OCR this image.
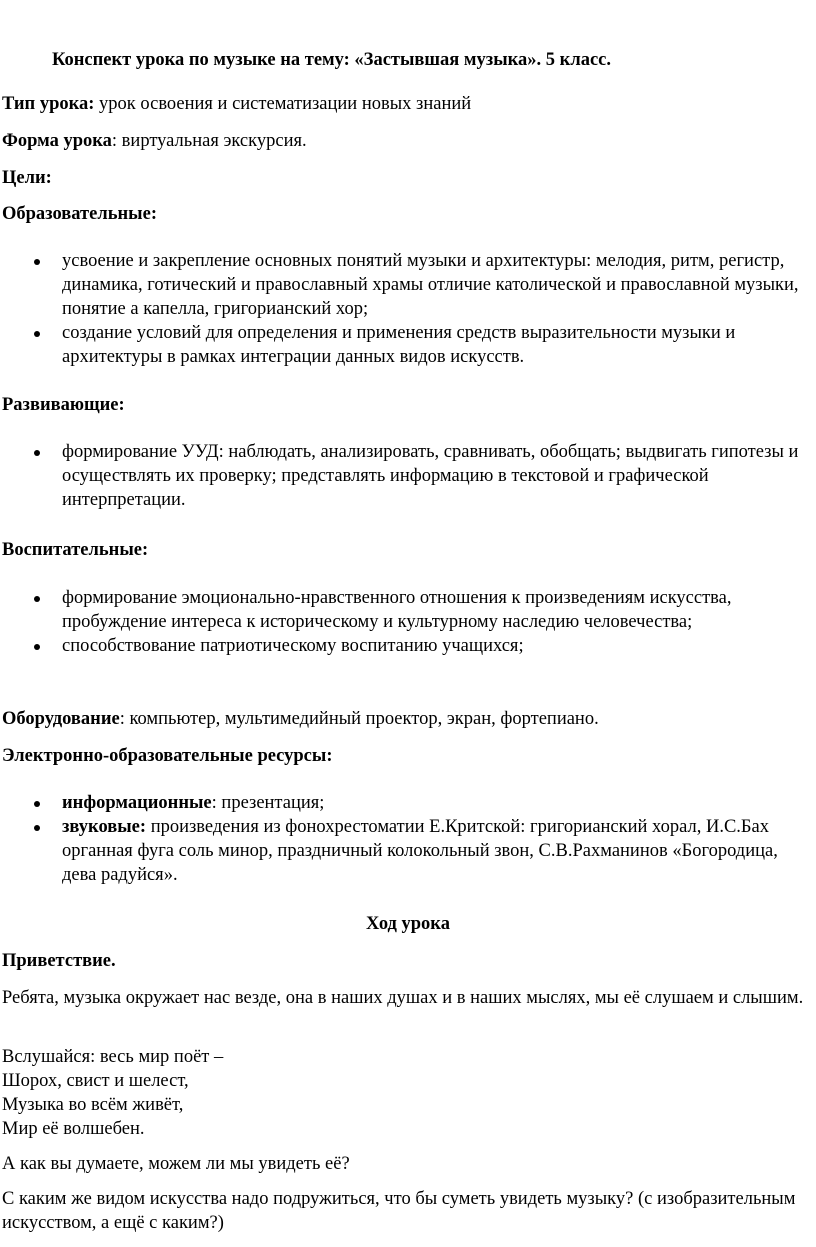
Конспект урока по музыке на тему: «Застывшая музыка». 5 класс.

Тип урока: урок освоения и систематизации новых знаний

Форма урока: виртуальная экскурсия.

Цели:

Образовательные:

усвоение и закрепление основных понятий музыки и архитектуры: мелодия, ритм, регистр, динамика, готический и православный храмы отличие католической и православной музыки, понятие а капелла, григорианский хор;
создание условий для определения и применения средств выразительности музыки и архитектуры в рамках интеграции данных видов искусств.

Развивающие:

формирование УУД: наблюдать, анализировать, сравнивать, обобщать; выдвигать гипотезы и осуществлять их проверку; представлять информацию в текстовой и графической интерпретации.

Воспитательные:

формирование эмоционально-нравственного отношения к произведениям искусства, пробуждение интереса к историческому и культурному наследию человечества;
способствование патриотическому воспитанию учащихся;

Оборудование: компьютер, мультимедийный проектор, экран, фортепиано.

Электронно-образовательные ресурсы:

информационные: презентация;
звуковые: произведения из фонохрестоматии Е.Критской: григорианский хорал, И.С.Бах органная фуга соль минор, праздничный колокольный звон, С.В.Рахманинов «Богородица, дева радуйся».
Ход урока

Приветствие.

Ребята, музыка окружает нас везде, она в наших душах и в наших мыслях, мы её слушаем и слышим.

Вслушайся: весь мир поёт –
Шорох, свист и шелест,
Музыка во всём живёт,
Мир её волшебен.

А как вы думаете, можем ли мы увидеть её?

С каким же видом искусства надо подружиться, что бы суметь увидеть музыку? (с изобразительным искусством, а ещё с каким?)
